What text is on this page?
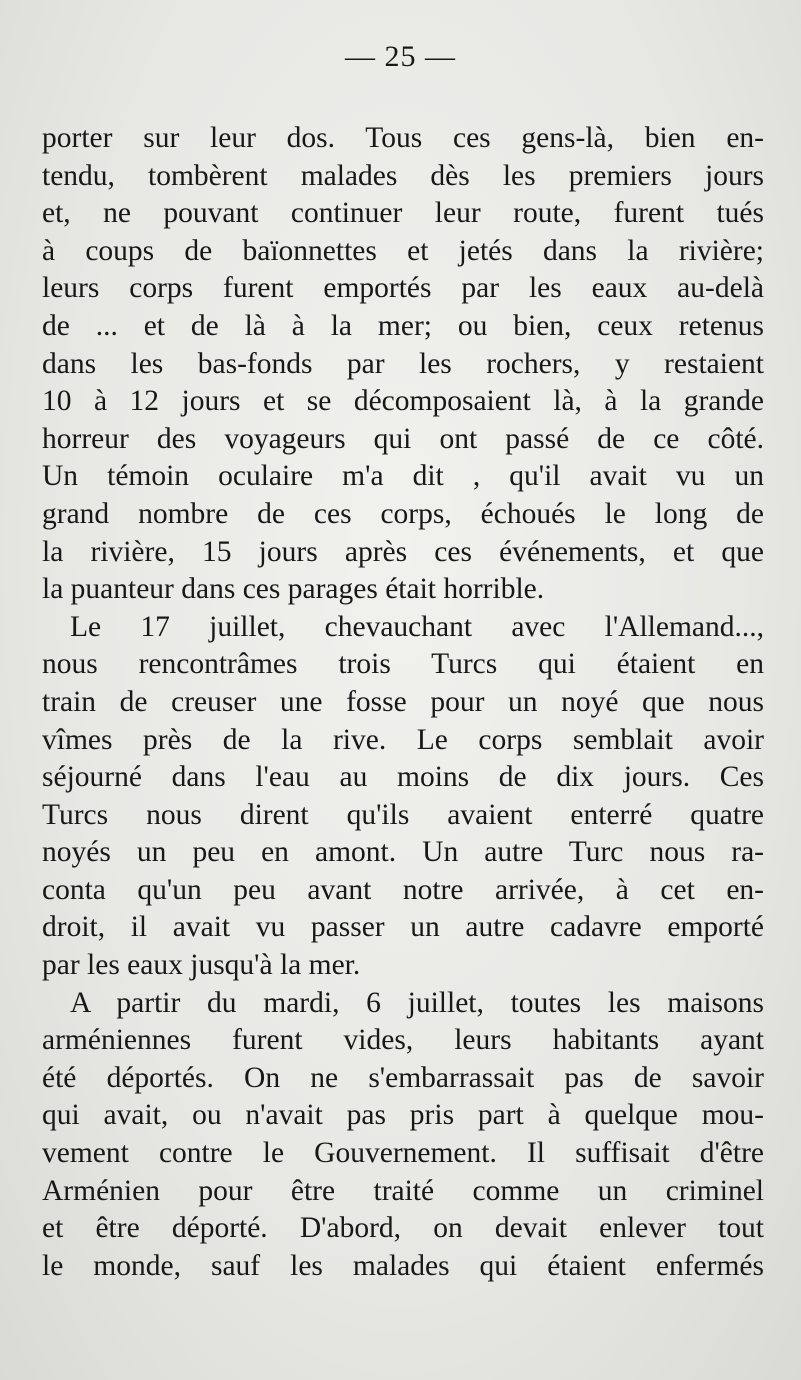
— 25 —
porter sur leur dos. Tous ces gens-là, bien en-
tendu, tombèrent malades dès les premiers jours
et, ne pouvant continuer leur route, furent tués
à coups de baïonnettes et jetés dans la rivière;
leurs corps furent emportés par les eaux au-delà
de ... et de là à la mer; ou bien, ceux retenus
dans les bas-fonds par les rochers, y restaient
10 à 12 jours et se décomposaient là, à la grande
horreur des voyageurs qui ont passé de ce côté.
Un témoin oculaire m'a dit , qu'il avait vu un
grand nombre de ces corps, échoués le long de
la rivière, 15 jours après ces événements, et que
la puanteur dans ces parages était horrible.
Le 17 juillet, chevauchant avec l'Allemand...,
nous rencontrâmes trois Turcs qui étaient en
train de creuser une fosse pour un noyé que nous
vîmes près de la rive. Le corps semblait avoir
séjourné dans l'eau au moins de dix jours. Ces
Turcs nous dirent qu'ils avaient enterré quatre
noyés un peu en amont. Un autre Turc nous ra-
conta qu'un peu avant notre arrivée, à cet en-
droit, il avait vu passer un autre cadavre emporté
par les eaux jusqu'à la mer.
A partir du mardi, 6 juillet, toutes les maisons
arméniennes furent vides, leurs habitants ayant
été déportés. On ne s'embarrassait pas de savoir
qui avait, ou n'avait pas pris part à quelque mou-
vement contre le Gouvernement. Il suffisait d'être
Arménien pour être traité comme un criminel
et être déporté. D'abord, on devait enlever tout
le monde, sauf les malades qui étaient enfermés
